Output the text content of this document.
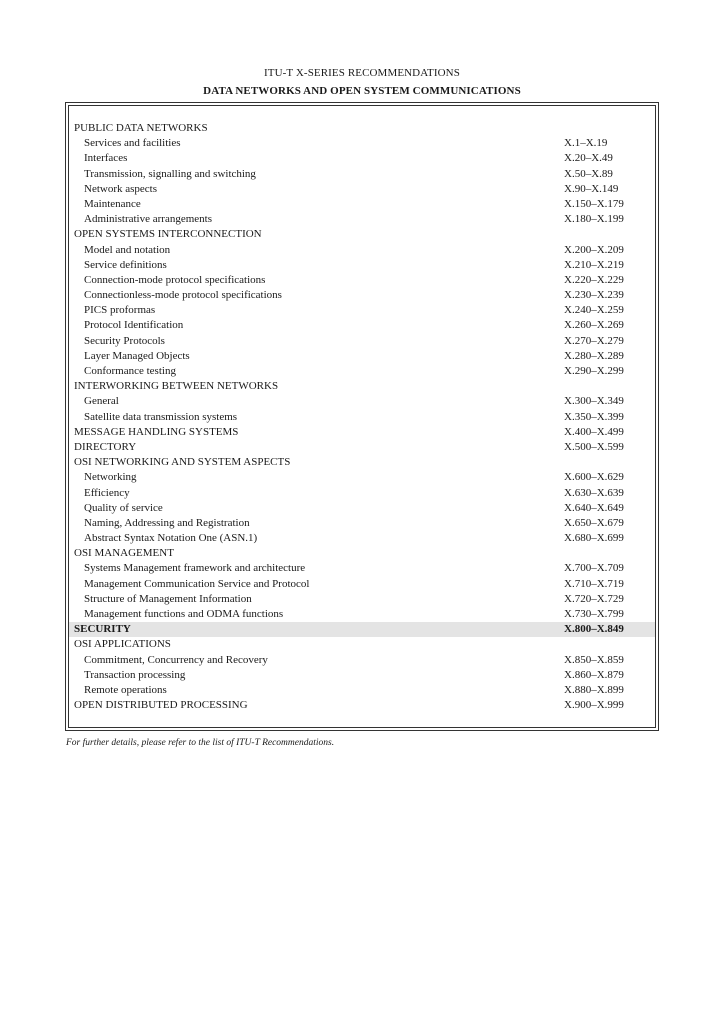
ITU-T X-SERIES RECOMMENDATIONS
DATA NETWORKS AND OPEN SYSTEM COMMUNICATIONS
PUBLIC DATA NETWORKS
Services and facilities	X.1–X.19
Interfaces	X.20–X.49
Transmission, signalling and switching	X.50–X.89
Network aspects	X.90–X.149
Maintenance	X.150–X.179
Administrative arrangements	X.180–X.199
OPEN SYSTEMS INTERCONNECTION
Model and notation	X.200–X.209
Service definitions	X.210–X.219
Connection-mode protocol specifications	X.220–X.229
Connectionless-mode protocol specifications	X.230–X.239
PICS proformas	X.240–X.259
Protocol Identification	X.260–X.269
Security Protocols	X.270–X.279
Layer Managed Objects	X.280–X.289
Conformance testing	X.290–X.299
INTERWORKING BETWEEN NETWORKS
General	X.300–X.349
Satellite data transmission systems	X.350–X.399
MESSAGE HANDLING SYSTEMS	X.400–X.499
DIRECTORY	X.500–X.599
OSI NETWORKING AND SYSTEM ASPECTS
Networking	X.600–X.629
Efficiency	X.630–X.639
Quality of service	X.640–X.649
Naming, Addressing and Registration	X.650–X.679
Abstract Syntax Notation One (ASN.1)	X.680–X.699
OSI MANAGEMENT
Systems Management framework and architecture	X.700–X.709
Management Communication Service and Protocol	X.710–X.719
Structure of Management Information	X.720–X.729
Management functions and ODMA functions	X.730–X.799
SECURITY	X.800–X.849
OSI APPLICATIONS
Commitment, Concurrency and Recovery	X.850–X.859
Transaction processing	X.860–X.879
Remote operations	X.880–X.899
OPEN DISTRIBUTED PROCESSING	X.900–X.999
For further details, please refer to the list of ITU-T Recommendations.
